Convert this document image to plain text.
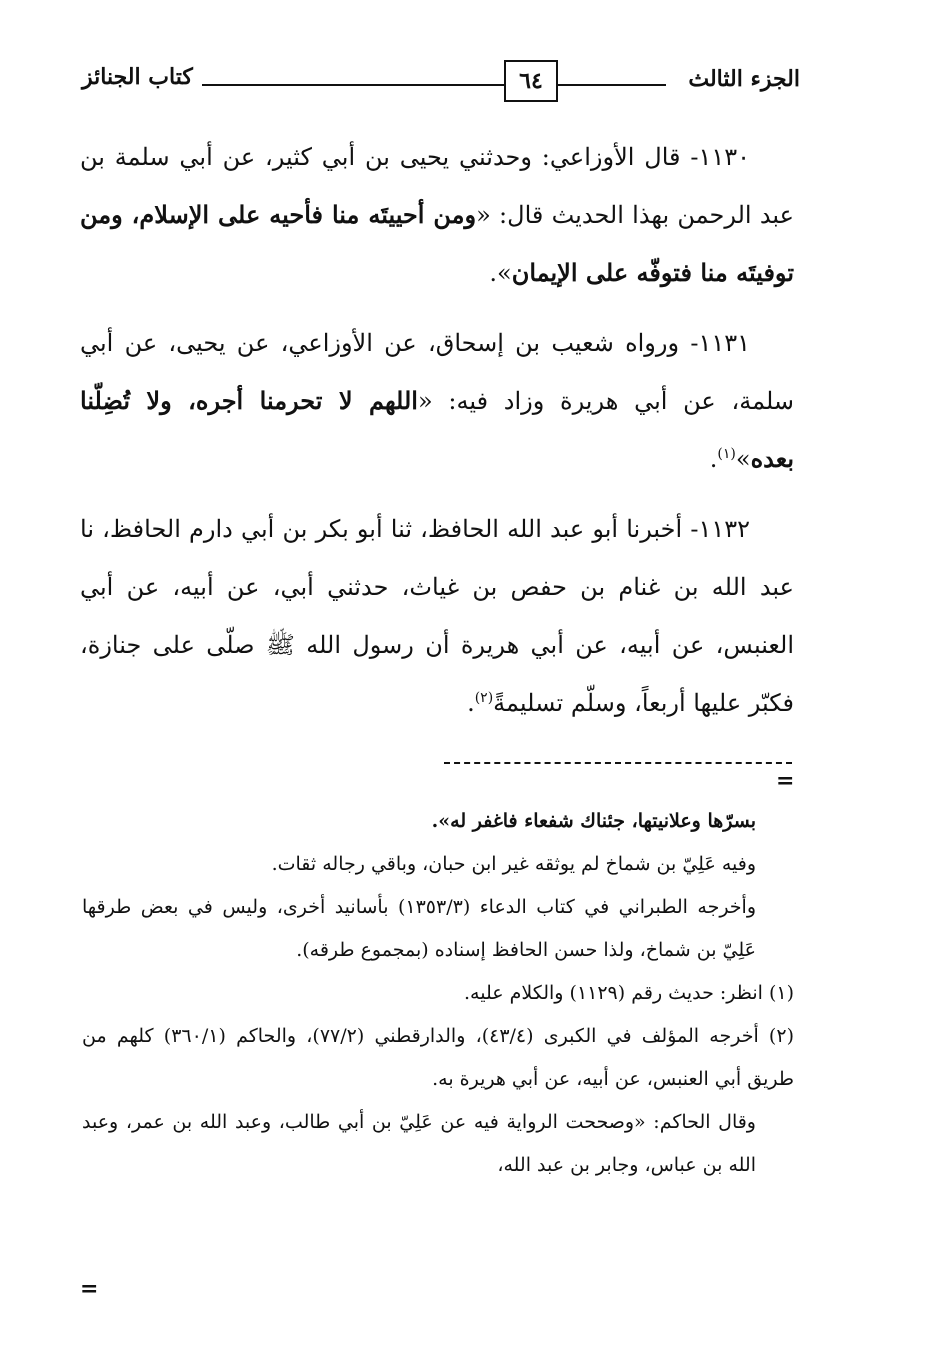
الجزء الثالث
٦٤
كتاب الجنائز

١١٣٠- قال الأوزاعي: وحدثني يحيى بن أبي كثير، عن أبي سلمة بن عبد الرحمن بهذا الحديث قال: «ومن أحييتَه منا فأحيه على الإسلام، ومن توفيتَه منا فتوفّه على الإيمان».

١١٣١- ورواه شعيب بن إسحاق، عن الأوزاعي، عن يحيى، عن أبي سلمة، عن أبي هريرة وزاد فيه: «اللهم لا تحرمنا أجره، ولا تُضِلّنا بعده»$^{(١)}$.

١١٣٢- أخبرنا أبو عبد الله الحافظ، ثنا أبو بكر بن أبي دارم الحافظ، نا عبد الله بن غنام بن حفص بن غياث، حدثني أبي، عن أبيه، عن أبي العنبس، عن أبيه، عن أبي هريرة أن رسول الله ﷺ صلّى على جنازة، فكبّر عليها أربعاً، وسلّم تسليمةً$^{(٢)}$.

=

بسرّها وعلانيتها، جئناك شفعاء فاغفر له».

وفيه عَلِيّ بن شماخ لم يوثقه غير ابن حبان، وباقي رجاله ثقات.

وأخرجه الطبراني في كتاب الدعاء (١٣٥٣/٣) بأسانيد أخرى، وليس في بعض طرقها عَلِيّ بن شماخ، ولذا حسن الحافظ إسناده (بمجموع طرقه).

(١) انظر: حديث رقم (١١٢٩) والكلام عليه.

(٢) أخرجه المؤلف في الكبرى (٤٣/٤)، والدارقطني (٧٧/٢)، والحاكم (٣٦٠/١) كلهم من طريق أبي العنبس، عن أبيه، عن أبي هريرة به.

وقال الحاكم: «وصححت الرواية فيه عن عَلِيّ بن أبي طالب، وعبد الله بن عمر، وعبد الله بن عباس، وجابر بن عبد الله،

=
